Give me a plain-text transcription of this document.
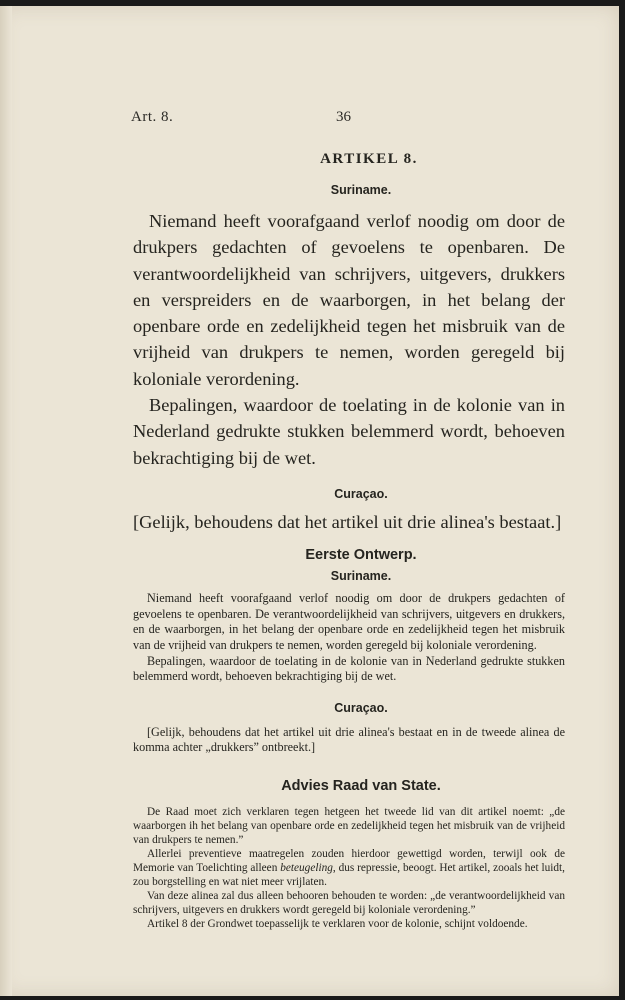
Art. 8.	36
ARTIKEL 8.
Suriname.

Niemand heeft voorafgaand verlof noodig om door de drukpers gedachten of gevoelens te openbaren. De verantwoordelijkheid van schrijvers, uitgevers, drukkers en verspreiders en de waarborgen, in het belang der openbare orde en zedelijkheid tegen het misbruik van de vrijheid van drukpers te nemen, worden geregeld bij koloniale verordening.

Bepalingen, waardoor de toelating in de kolonie van in Nederland gedrukte stukken belemmerd wordt, behoeven bekrachtiging bij de wet.

Curaçao.

[Gelijk, behoudens dat het artikel uit drie alinea's bestaat.]

Eerste Ontwerp.
Suriname.

Niemand heeft voorafgaand verlof noodig om door de drukpers gedachten of gevoelens te openbaren. De verantwoordelijkheid van schrijvers, uitgevers en drukkers, en de waarborgen, in het belang der openbare orde en zedelijkheid tegen het misbruik van de vrijheid van drukpers te nemen, worden geregeld bij koloniale verordening.

Bepalingen, waardoor de toelating in de kolonie van in Nederland gedrukte stukken belemmerd wordt, behoeven bekrachtiging bij de wet.

Curaçao.

[Gelijk, behoudens dat het artikel uit drie alinea's bestaat en in de tweede alinea de komma achter „drukkers” ontbreekt.]

Advies Raad van State.

De Raad moet zich verklaren tegen hetgeen het tweede lid van dit artikel noemt: „de waarborgen ih het belang van openbare orde en zedelijkheid tegen het misbruik van de vrijheid van drukpers te nemen.”

Allerlei preventieve maatregelen zouden hierdoor gewettigd worden, terwijl ook de Memorie van Toelichting alleen beteugeling, dus repressie, beoogt. Het artikel, zooals het luidt, zou borgstelling en wat niet meer vrijlaten.

Van deze alinea zal dus alleen behooren behouden te worden: „de verantwoordelijkheid van schrijvers, uitgevers en drukkers wordt geregeld bij koloniale verordening.”

Artikel 8 der Grondwet toepasselijk te verklaren voor de kolonie, schijnt voldoende.
